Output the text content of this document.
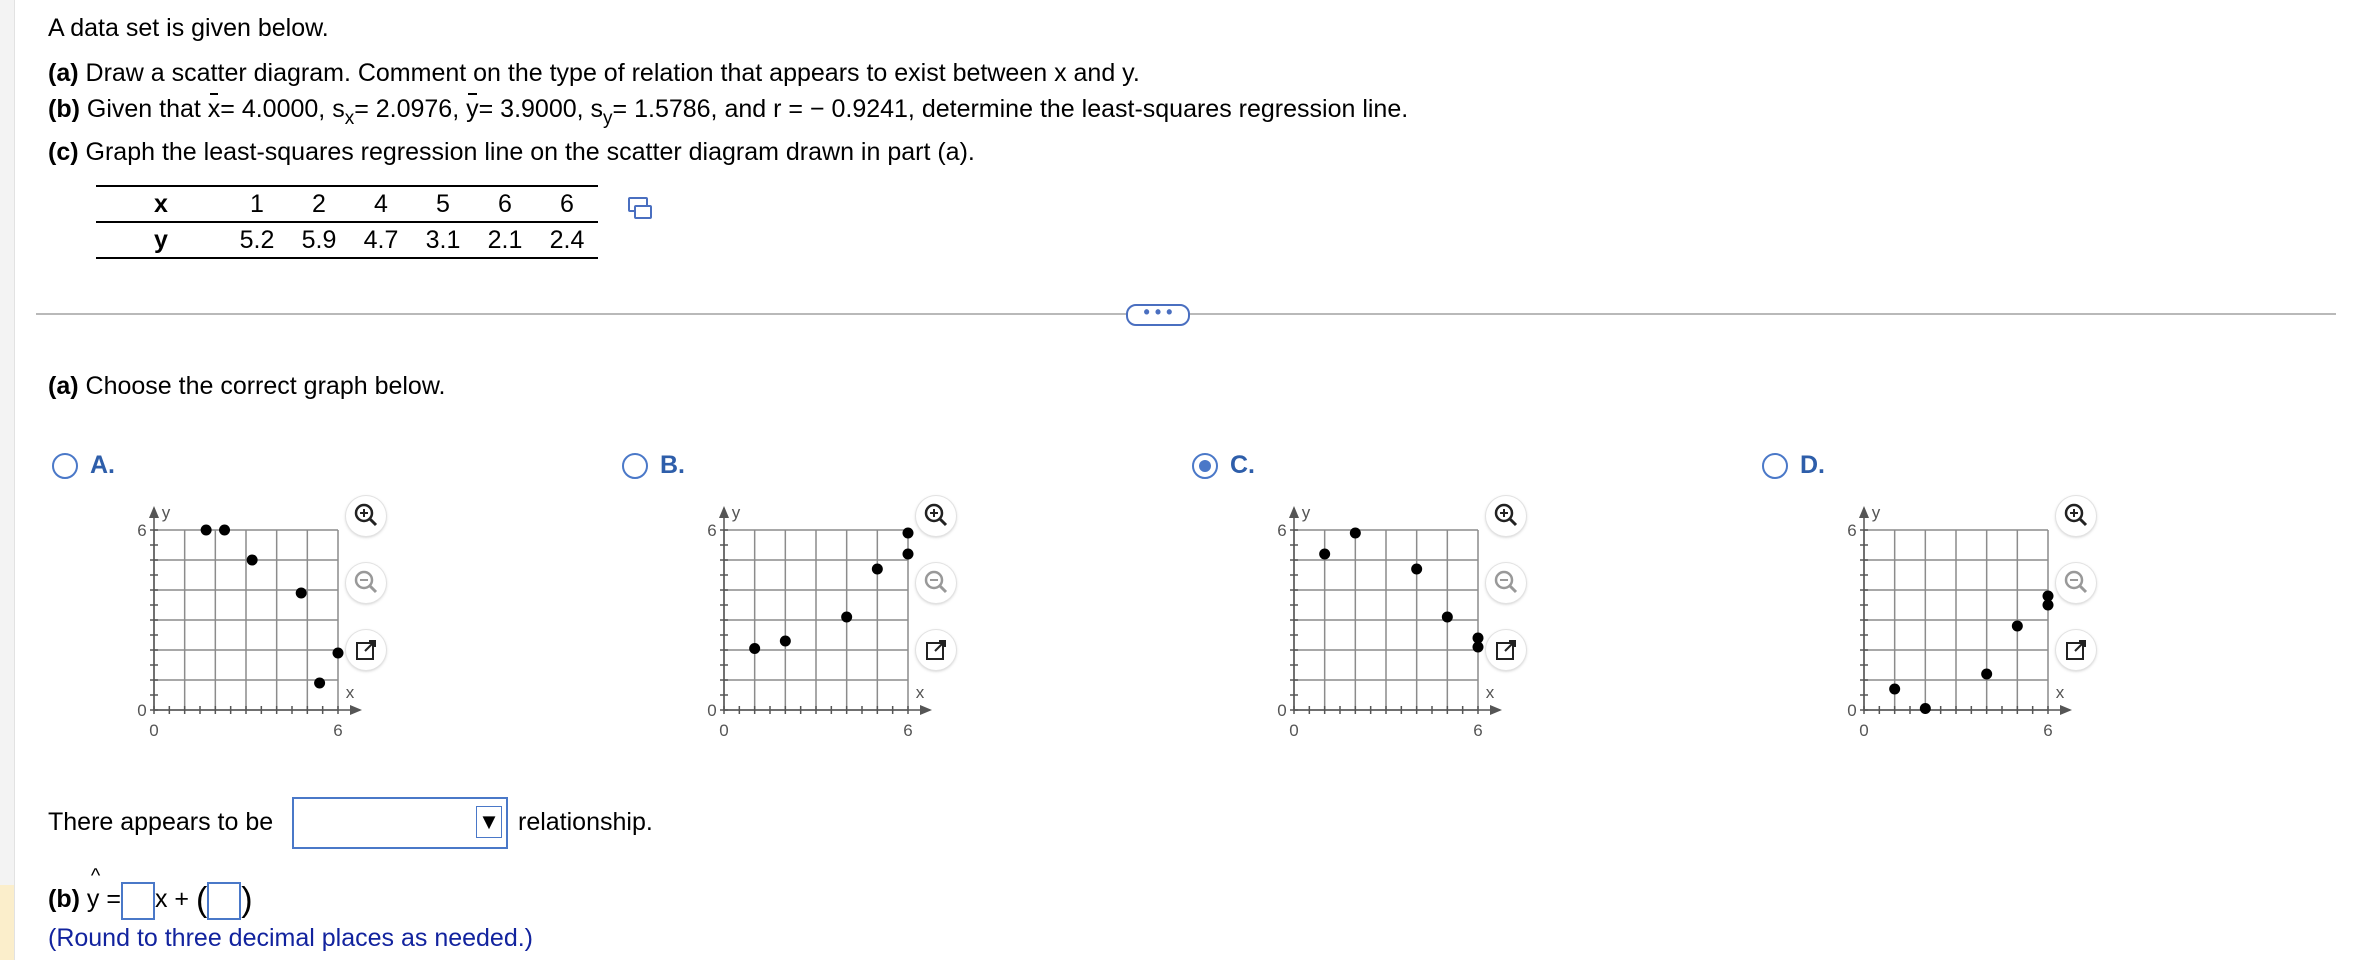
A data set is given below.
(a) Draw a scatter diagram. Comment on the type of relation that appears to exist between x and y.
(b) Given that x= 4.0000, $s_x= 2.0976$, y= 3.9000, $s_y= 1.5786$, and r = − 0.9241, determine the least-squares regression line.
(c) Graph the least-squares regression line on the scatter diagram drawn in part (a).
x	1	2	4	5	6	6
y	5.2	5.9	4.7	3.1	2.1	2.4
• • •
(a) Choose the correct graph below.
A.
y
x
6
0
0	6
B.
y
x
6
0
0	6
C.
y
x
6
0
0	6
D.
y
x
6
0
0	6
There appears to be	▼ relationship.
(b) ^ y = x + ( )
(Round to three decimal places as needed.)
